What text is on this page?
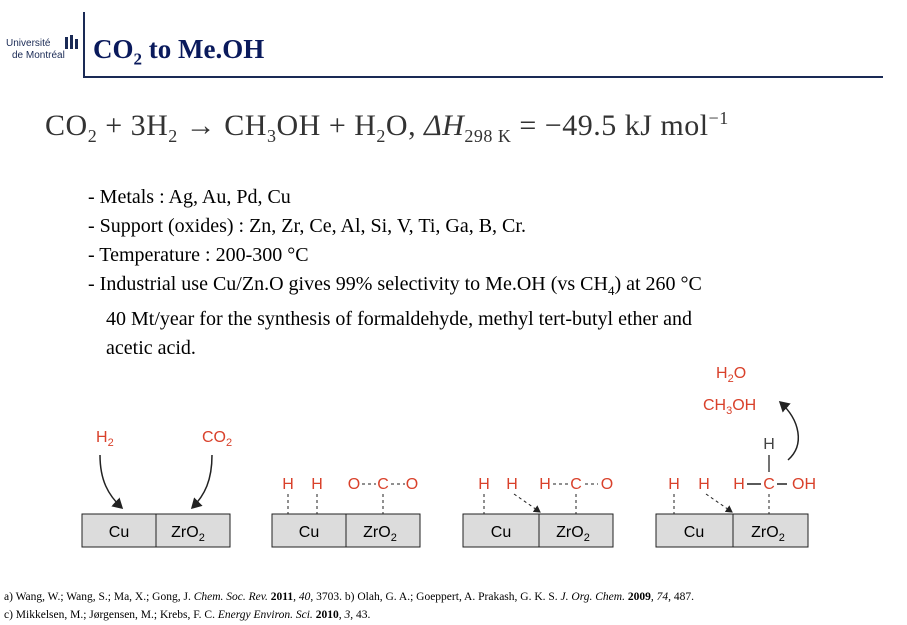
Université
de Montréal $CO_2$ to Me.OH
$CO_2 + 3H_2 \to CH_3OH + H_2O$, $\Delta H_{298 K} = -49.5$ kJ mol$^{-1}$
- Metals : Ag, Au, Pd, Cu
- Support (oxides) : Zn, Zr, Ce, Al, Si, V, Ti, Ga, B, Cr.
- Temperature : 200-300 °C
- Industrial use Cu/Zn.O gives 99% selectivity to Me.OH (vs $CH_4$) at 260 °C
40 Mt/year for the synthesis of formaldehyde, methyl tert-butyl ether and
acetic acid.
$H_2O$
$CH_3OH$
$H_2$	$CO_2$
Cu	ZrO$_2$	Cu	ZrO$_2$
H H O C O
Cu	ZrO$_2$
H H H C O
Cu	ZrO$_2$
H H
H
H C OH
a) Wang, W.; Wang, S.; Ma, X.; Gong, J. Chem. Soc. Rev. 2011, 40, 3703. b) Olah, G. A.; Goeppert, A. Prakash, G. K. S. J. Org. Chem. 2009, 74, 487.
c) Mikkelsen, M.; Jørgensen, M.; Krebs, F. C. Energy Environ. Sci. 2010, 3, 43.
